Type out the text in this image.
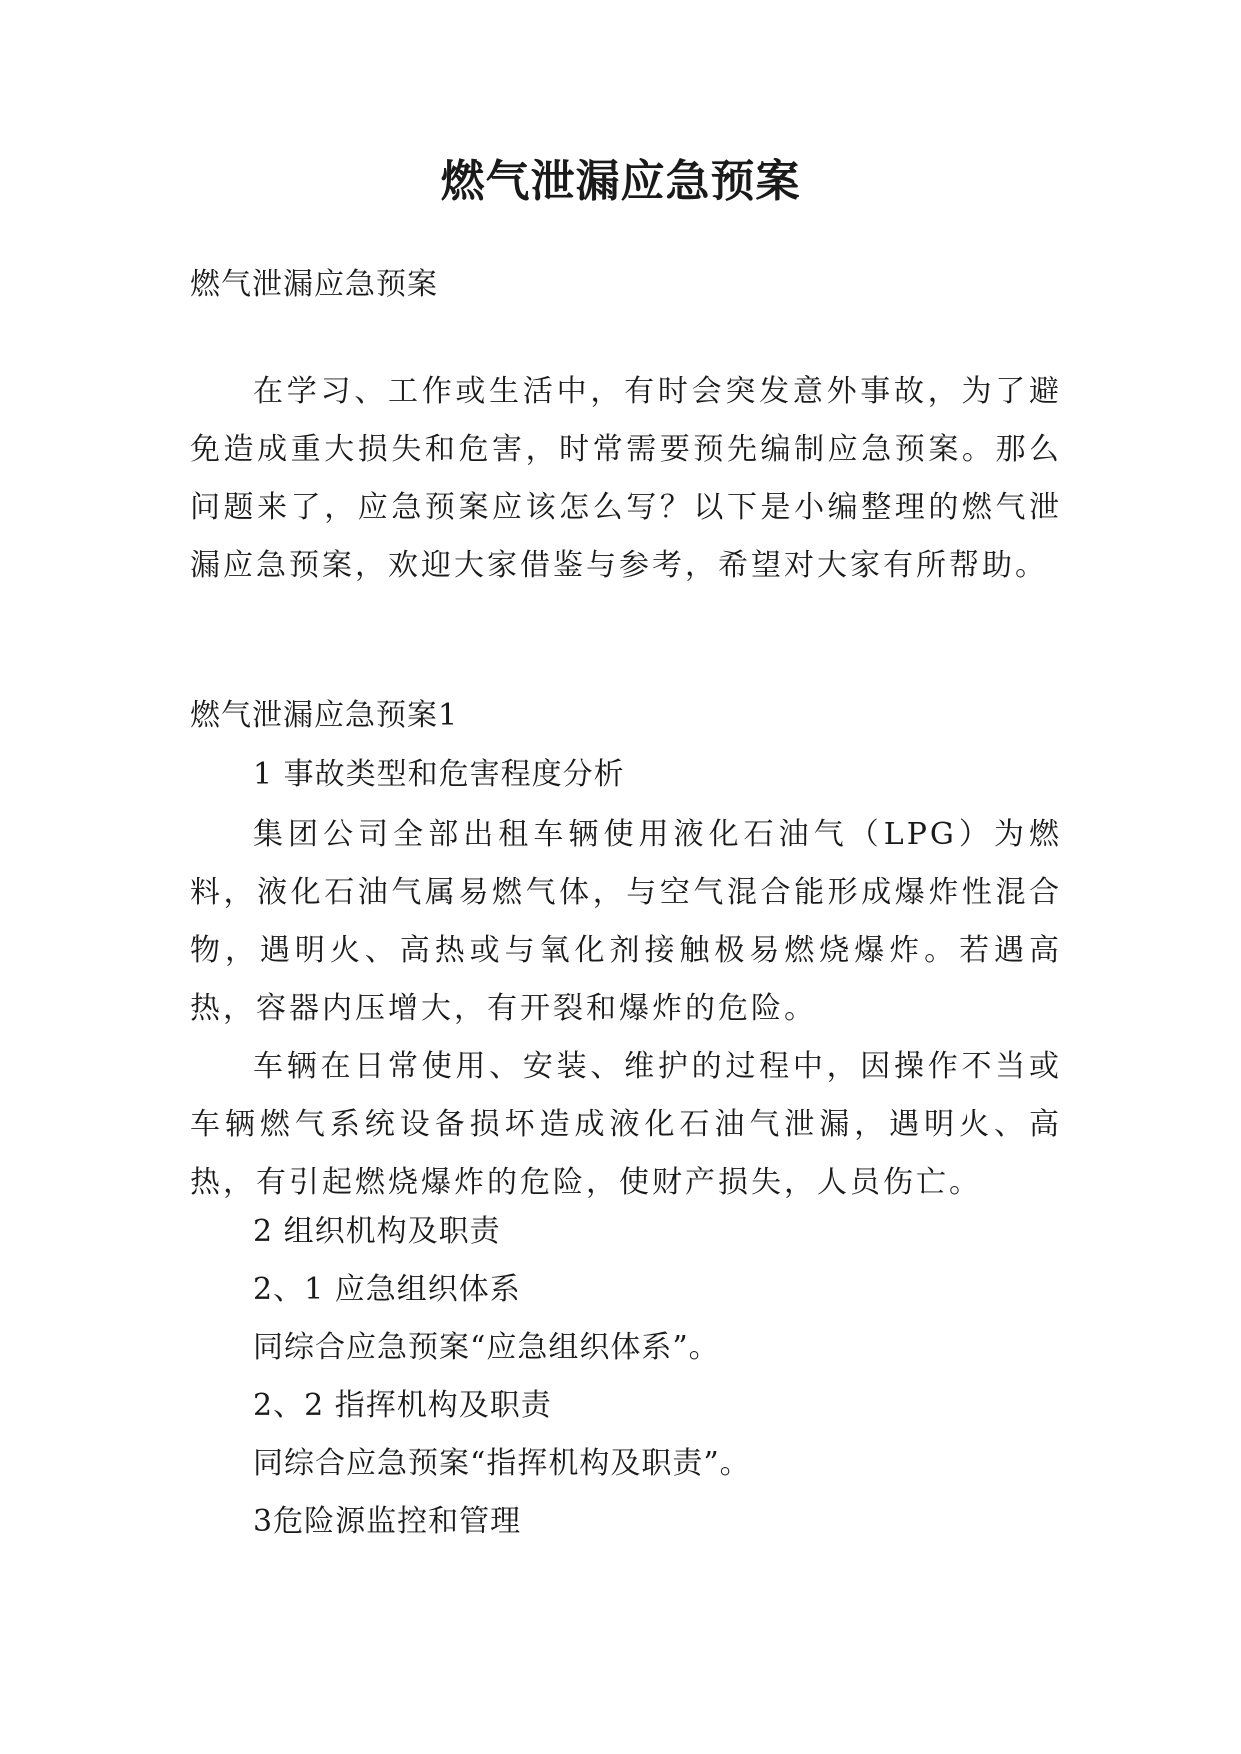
燃气泄漏应急预案

燃气泄漏应急预案

在学习、工作或生活中，有时会突发意外事故，为了避免造成重大损失和危害，时常需要预先编制应急预案。那么问题来了，应急预案应该怎么写？以下是小编整理的燃气泄漏应急预案，欢迎大家借鉴与参考，希望对大家有所帮助。

燃气泄漏应急预案1

1 事故类型和危害程度分析

集团公司全部出租车辆使用液化石油气（LPG）为燃料，液化石油气属易燃气体，与空气混合能形成爆炸性混合物，遇明火、高热或与氧化剂接触极易燃烧爆炸。若遇高热，容器内压增大，有开裂和爆炸的危险。

车辆在日常使用、安装、维护的过程中，因操作不当或车辆燃气系统设备损坏造成液化石油气泄漏，遇明火、高热，有引起燃烧爆炸的危险，使财产损失，人员伤亡。

2 组织机构及职责

2、1 应急组织体系

同综合应急预案“应急组织体系”。

2、2 指挥机构及职责

同综合应急预案“指挥机构及职责”。

3危险源监控和管理
